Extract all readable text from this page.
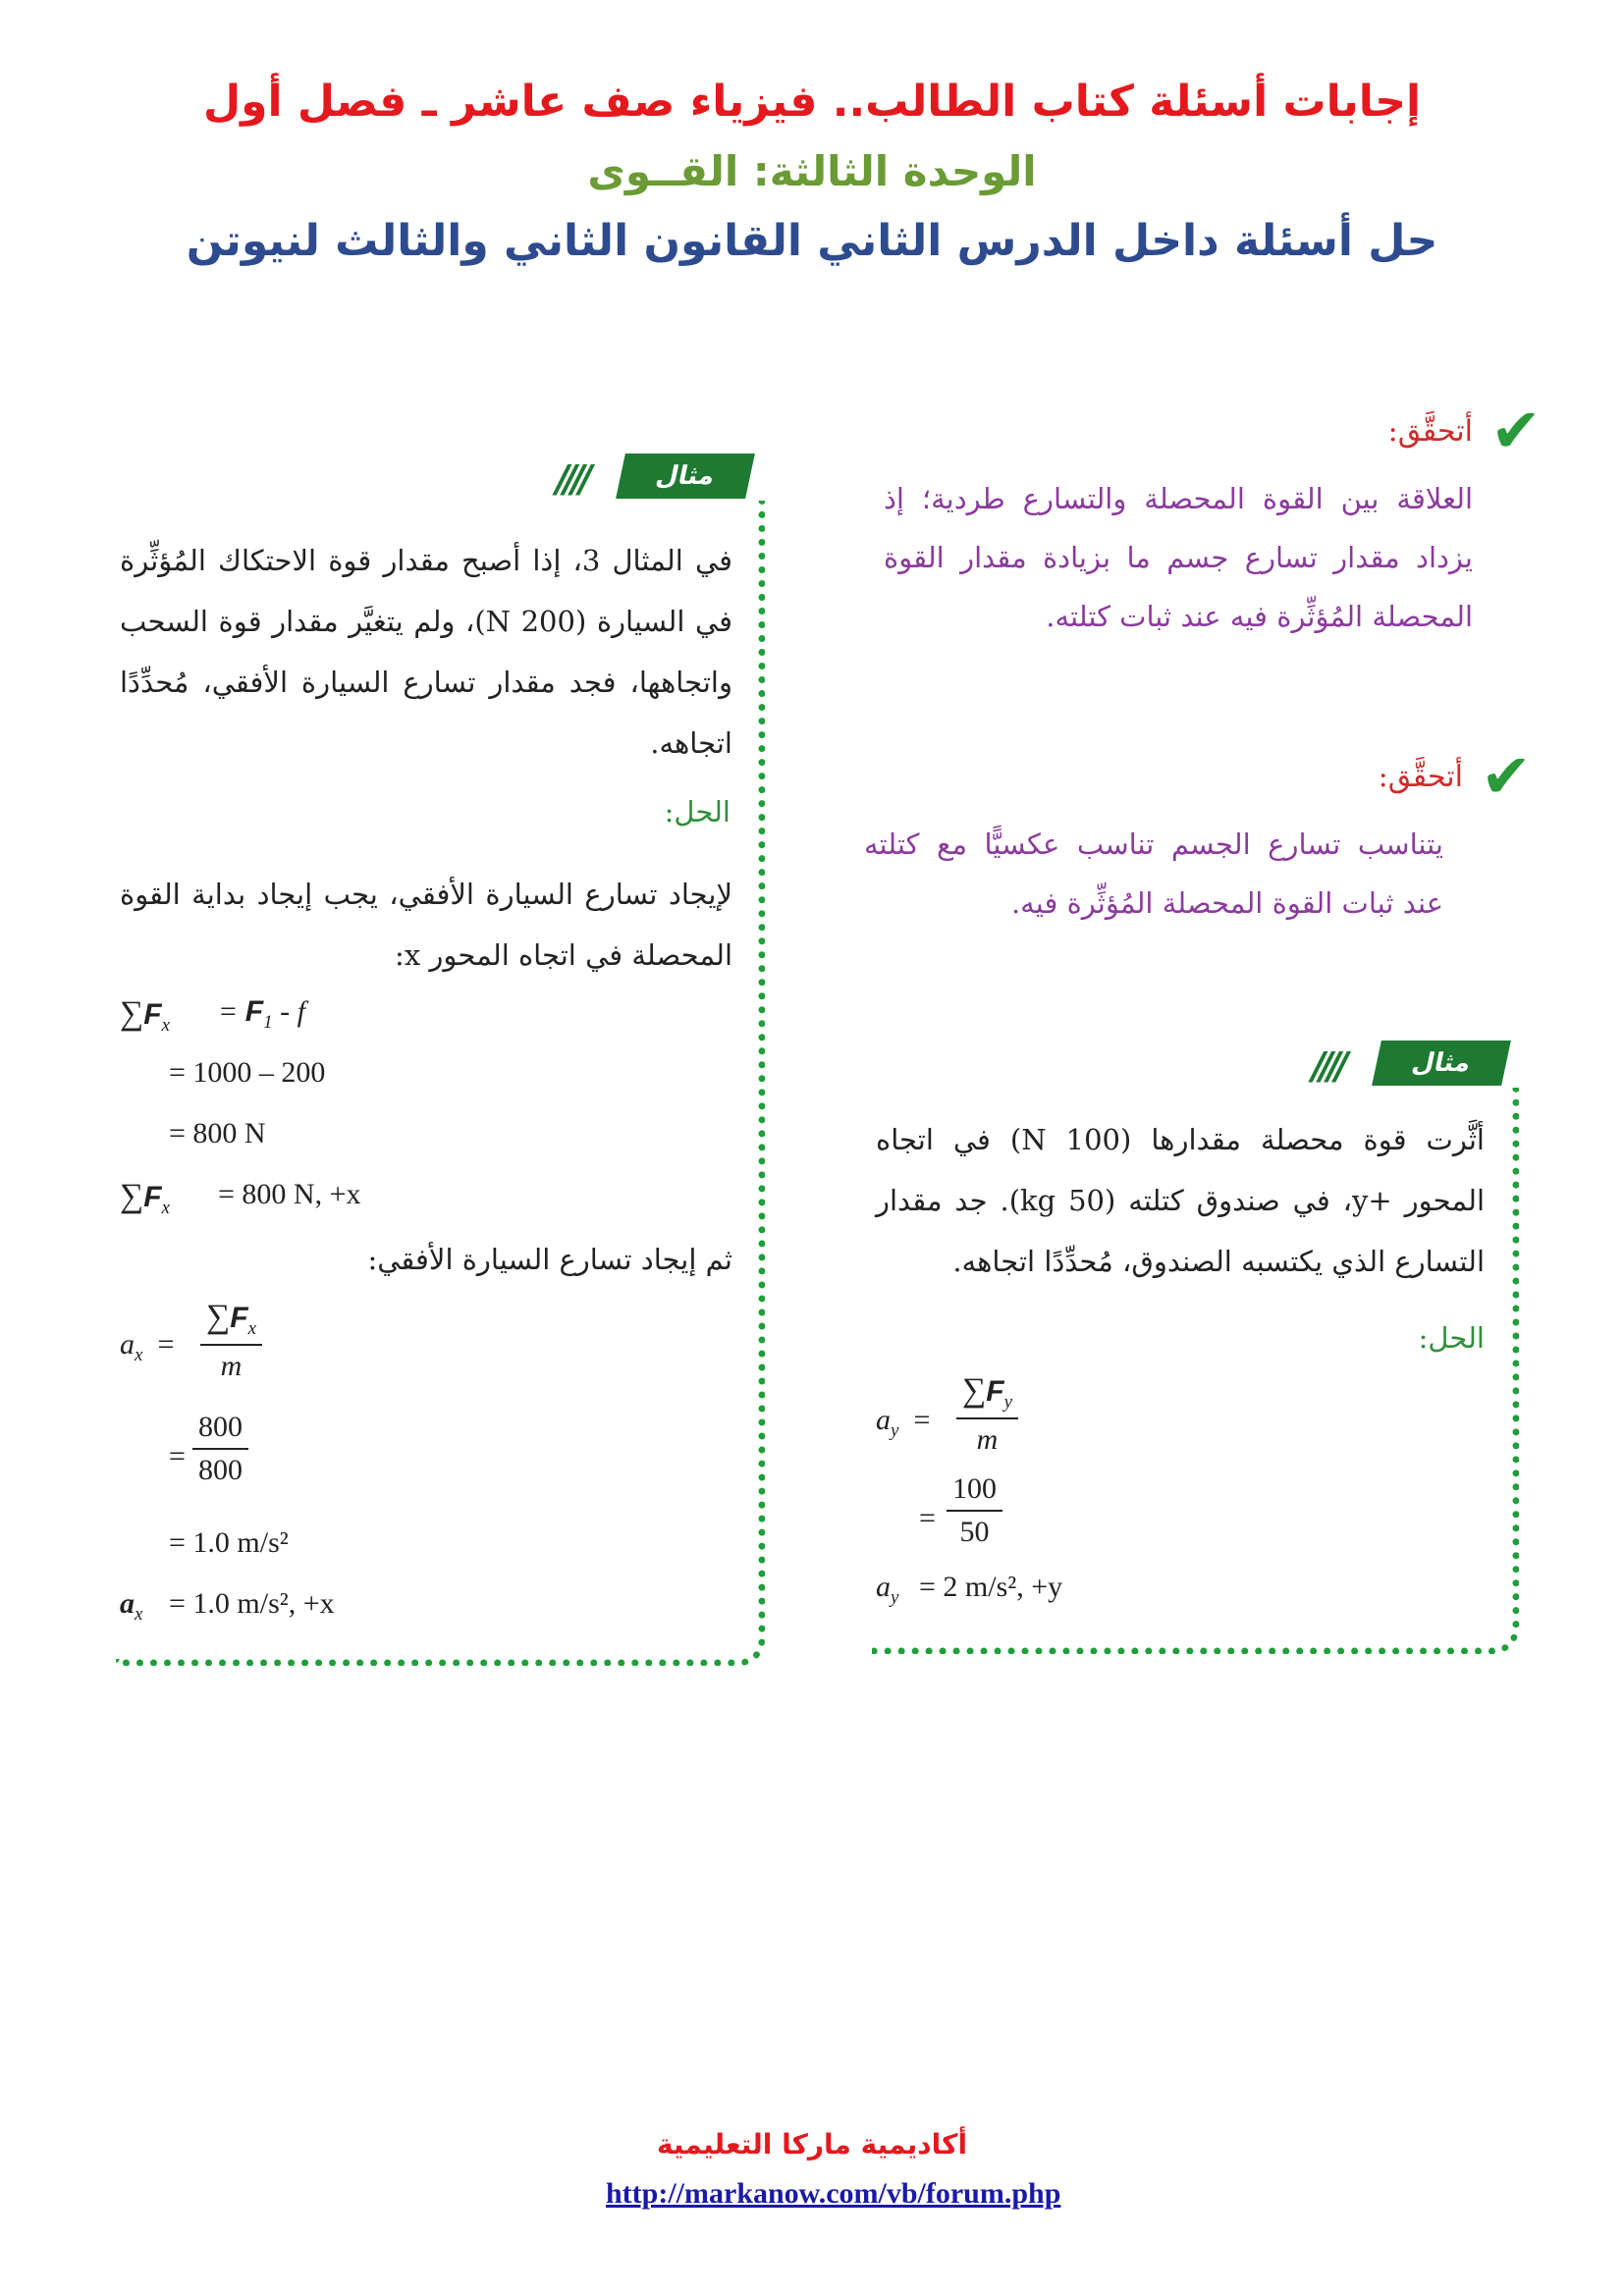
إجابات أسئلة كتاب الطالب.. فيزياء صف عاشر ـ فصل أول
الوحدة الثالثة: القــوى
حل أسئلة داخل الدرس الثاني القانون الثاني والثالث لنيوتن
✔
أتحقَّق:
العلاقة بين القوة المحصلة والتسارع طردية؛ إذ يزداد مقدار تسارع جسم ما بزيادة مقدار القوة المحصلة المُؤثِّرة فيه عند ثبات كتلته.
✔
أتحقَّق:
يتناسب تسارع الجسم تناسب عكسيًّا مع كتلته عند ثبات القوة المحصلة المُؤثِّرة فيه.
////	مثال إضافي
في المثال 3، إذا أصبح مقدار قوة الاحتكاك المُؤثِّرة في السيارة (200 N)، ولم يتغيَّر مقدار قوة السحب واتجاهها، فجد مقدار تسارع السيارة الأفقي، مُحدِّدًا اتجاهه.
الحل:
لإيجاد تسارع السيارة الأفقي، يجب إيجاد بداية القوة المحصلة في اتجاه المحور x:
$\sum F_x = F_1 - f$
= 1000 – 200
= 800 N
$\sum F_x = 800$ N, +x
ثم إيجاد تسارع السيارة الأفقي:
$a_x = \frac{\sum F_x}{m}$
= $\frac{800}{800}$
= 1.0 m/s²
$a_x = 1.0$ m/s², +x
////	مثال إضافي
أثَّرت قوة محصلة مقدارها (100 N) في اتجاه المحور +y، في صندوق كتلته (50 kg). جد مقدار التسارع الذي يكتسبه الصندوق، مُحدِّدًا اتجاهه.
الحل:
$a_y = \frac{\sum F_y}{m}$
= $\frac{100}{50}$
$a_y = 2$ m/s², +y
أكاديمية ماركا التعليمية
http://markanow.com/vb/forum.php
